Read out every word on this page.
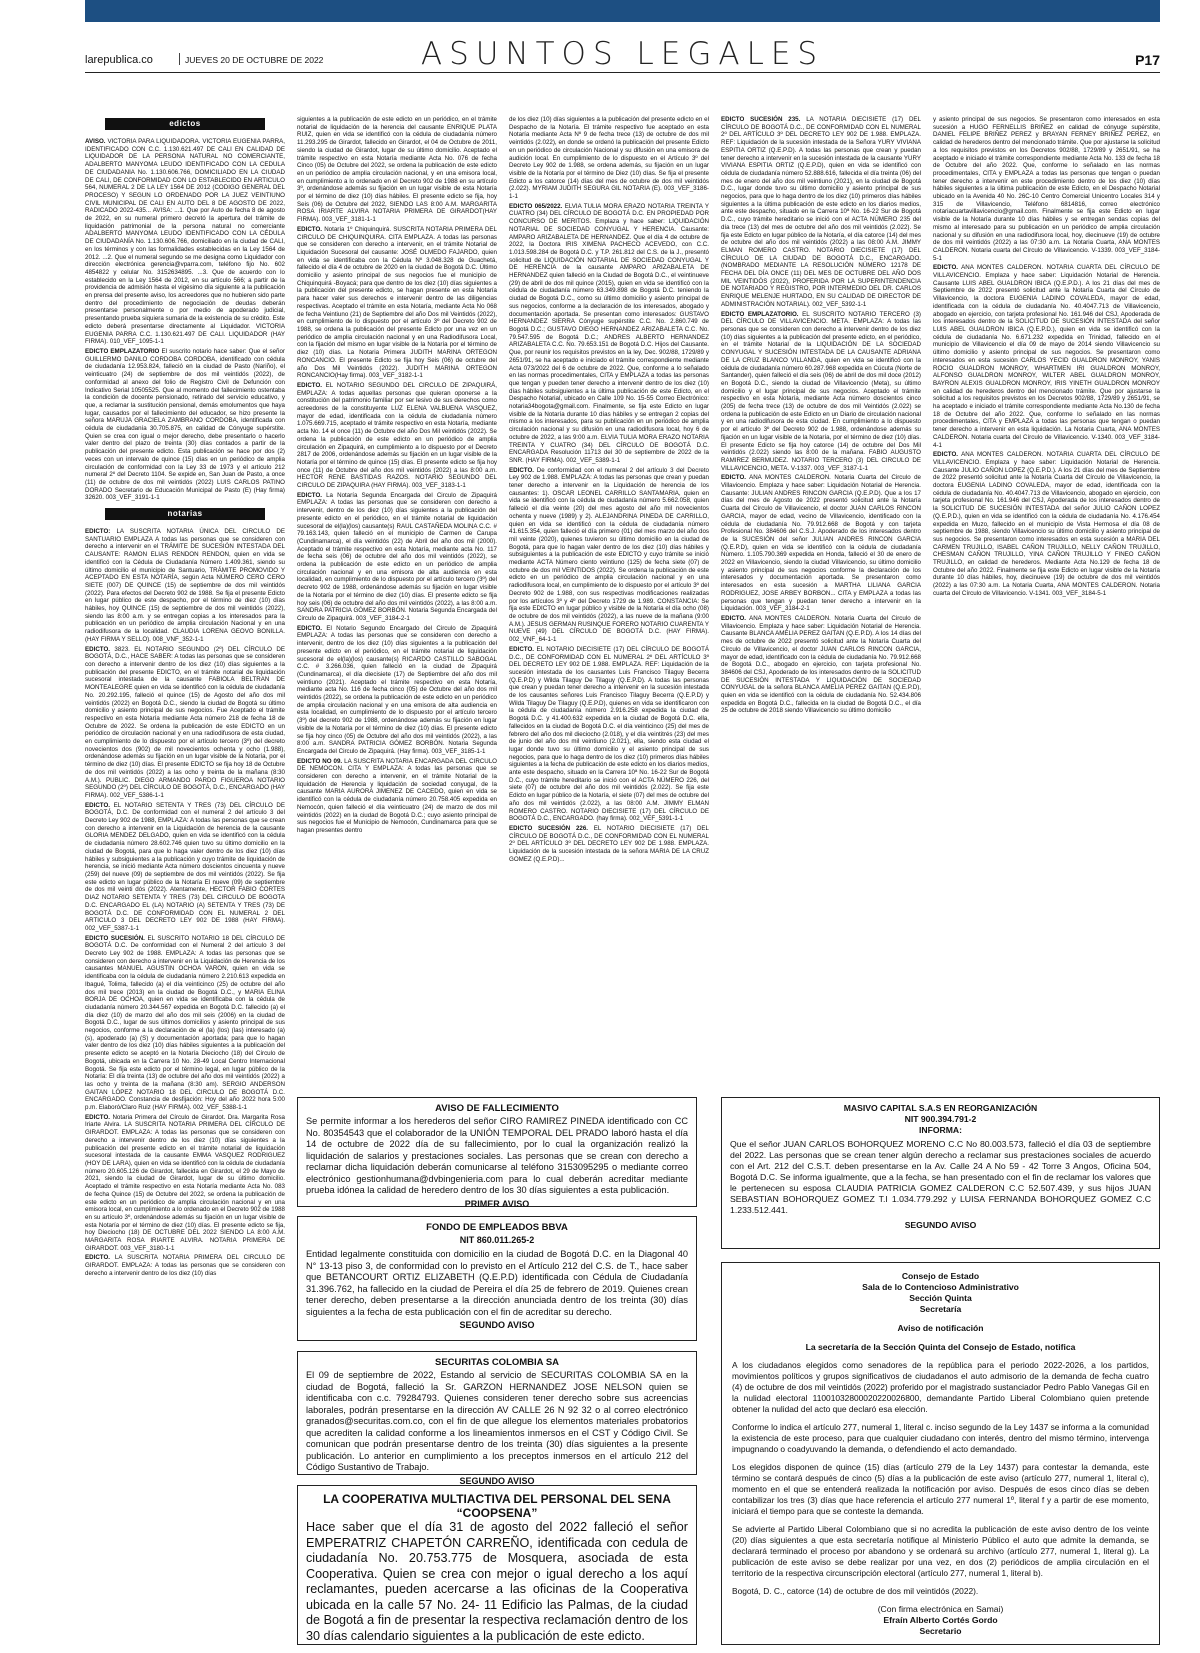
larepublica.co	JUEVES 20 DE OCTUBRE DE 2022	ASUNTOS LEGALES	P17
edictos

AVISO. VICTORIA PARA LIQUIDADORA. VICTORIA EUGENIA PARRA, IDENTIFICADO CON C.C. 1.130.621.497 DE CALI EN CALIDAD DE LIQUIDADOR DE LA PERSONA NATURAL NO COMERCIANTE, ADALBERTO MANYOMA LEUDO IDENTIFICADO CON LA CEDULA DE CIUDADANIA No. 1.130.606.766, DOMICILIADO EN LA CIUDAD DE CALI, DE CONFORMIDAD CON LO ESTABLECIDO EN ARTICULO 564, NUMERAL 2 DE LA LEY 1564 DE 2012 (CODIGO GENERAL DEL PROCESO) Y SEGUN LO ORDENADO POR LA JUEZ VEINTIUNO CIVIL MUNICIPAL DE CALI EN AUTO DEL 8 DE AGOSTO DE 2022, RADICADO 2022-435... AVISA: ...1. Que por Auto de fecha 8 de agosto de 2022, en su numeral primero decretó la apertura del trámite de liquidación patrimonial de la persona natural no comerciante ADALBERTO MANYOMA LEUDO IDENTIFICADO CON LA CÉDULA DE CIUDADANÍA No. 1.130.606.766, domiciliado en la ciudad de CALI, en los términos y con las formalidades establecidas en la Ley 1564 de 2012. ...2. Que el numeral segundo se me designa como Liquidador con dirección electrónica gerencia@vparra.com, teléfono fijo No. 602 4854822 y celular No. 3152634895. ...3. Que de acuerdo con lo establecido en la Ley 1564 de 2012, en su artículo 566; a partir de la providencia de admisión hasta el vigésimo día siguiente a la publicación en prensa del presente aviso, los acreedores que no hubieren sido parte dentro del procedimiento de negociación de deudas deberán presentarse personalmente o por medio de apoderado judicial, presentando prueba siquiera sumaria de la existencia de su crédito. Este edicto deberá presentarse directamente al Liquidador. VICTORIA EUGENIA PARRA C.C. 1.130.621.497 DE CALI. LIQUIDADOR (HAY FIRMA). 010_VEF_1095-1-1

EDICTO EMPLAZATORIO El suscrito notario hace saber: Que el señor GUILLERMO DANILO CORDOBA CORDOBA, identificado con cédula de ciudadanía 12.953.824, falleció en la ciudad de Pasto (Nariño), el veinticuatro (24) de septiembre de dos mil veintidós (2022), de conformidad al anexo del folio de Registro Civil de Defunción con Indicativo Serial 10505525. Que al momento del fallecimiento ostentaba la condición de docente pensionado, retirado del servicio educativo, y que, a reclamar la sustitución pensional, demás emolumentos que haya lugar, causados por el fallecimiento del educador, se hizo presente la señora MARUJA GRACIELA ZAMBRANO CORDOBA, identificada con cédula de ciudadanía 30.705.875, en calidad de Cónyuge supérstite. Quien se crea con igual o mejor derecho, debe presentarlo o hacerlo valer dentro del plazo de treinta (30) días contados a partir de la publicación del presente edicto. Esta publicación se hace por dos (2) veces con un intervalo de quince (15) días en un periódico de amplia circulación de conformidad con la Ley 33 de 1973 y el artículo 212 numeral 2º del Decreto 1104. Se expide en, San Juan de Pasto, a once (11) de octubre de dos mil veintidós (2022) LUIS CARLOS PATINO DORADO Secretario de Educación Municipal de Pasto (E) (Hay firma) 32620. 003_VEF_3191-1-1

notarias

EDICTO: LA SUSCRITA NOTARIA ÚNICA DEL CIRCULO DE SANTUARIO EMPLAZA A todas las personas que se consideren con derecho a intervenir en el TRÁMITE DE SUCESIÓN INTESTADA DEL CAUSANTE: RAMON ELIAS RENDON RENDON, quien en vida se identificó con la Cédula de Ciudadanía Número 1.409.361, siendo su último domicilio el municipio de Santuario, TRÁMITE PROMOVIDO Y ACEPTADO EN ESTA NOTARÍA, según Acta NÚMERO CERO CERO SIETE (007) DE QUINCE (15) de septiembre de dos mil veintidós (2022). Para efectos del Decreto 902 de 1988. Se fija el presente Edicto en lugar público de este despacho, por el término de diez (10) días hábiles, hoy QUINCE (15) de septiembre de dos mil veintidós (2022), siendo las 8:00 a.m. y se entregan copias a los interesados para la publicación en un periódico de amplia circulación Nacional y en una radiodifusora de la localidad. CLAUDIA LORENA GEOVO BONILLA. (HAY FIRMA Y SELLO). 008_VNF_352-1-1

EDICTO. 3823. EL NOTARIO SEGUNDO (2º) DEL CÍRCULO DE BOGOTÁ, D.C., HACE SABER: A todas las personas que se consideren con derecho a intervenir dentro de los diez (10) días siguientes a la publicación del presente EDICTO, en el trámite notarial de liquidación sucesoral intestada de la causante FABIOLA BELTRAN DE MONTEALEGRE quien en vida se identificó con la cédula de ciudadanía No. 20.292.195, falleció el quince (15) de Agosto del año dos mil veintidós (2022) en Bogotá D.C., siendo la ciudad de Bogotá su último domicilio y asiento principal de sus negocios. Fue Aceptado el trámite respectivo en esta Notaría mediante Acta número 218 de fecha 18 de Octubre de 2022. Se ordena la publicación de este EDICTO en un periódico de circulación nacional y en una radiodifusora de esta ciudad, en cumplimiento de lo dispuesto por el artículo tercero (3º) del decreto novecientos dos (902) de mil novecientos ochenta y ocho (1.988), ordenándose además su fijación en un lugar visible de la Notaría, por el término de diez (10) días. El presente EDICTO se fija hoy 18 de Octubre de dos mil veintidós (2022) a las ocho y treinta de la mañana (8:30 A.M.). PUBLIC. DIEGO ARMANDO PARDO FIGUEROA NOTARIO SEGUNDO (2º) DEL CÍRCULO DE BOGOTÁ, D.C., ENCARGADO (HAY FIRMA). 002_VEF_5386-1-1

EDICTO. EL NOTARIO SETENTA Y TRES (73) DEL CÍRCULO DE BOGOTÁ, D.C. De conformidad con el numeral 2 del artículo 3 del Decreto Ley 902 de 1988, EMPLAZA: A todas las personas que se crean con derecho a intervenir en la Liquidación de herencia de la causante GLORIA MENDEZ DELGADO, quien en vida se identificó con la cédula de ciudadanía número 28.602.746 quien tuvo su último domicilio en la ciudad de Bogotá, para que lo haga valer dentro de los diez (10) días hábiles y subsiguientes a la publicación y cuyo trámite de liquidación de herencia, se inició mediante Acta número doscientos cincuenta y nueve (259) del nueve (09) de septiembre de dos mil veintidós (2022). Se fija este edicto en lugar público de la Notaría El nueve (09) de septiembre de dos mil veinti dós (2022). Atentamente, HECTOR FABIO CORTES DIAZ NOTARIO SETENTA Y TRES (73) DEL CIRCULO DE BOGOTA D.C. ENCARGADO EL (LA) NOTARIO (A) SETENTA Y TRES (73) DE BOGOTÁ D.C. DE CONFORMIDAD CON EL NUMERAL 2 DEL ARTICULO 3 DEL DECRETO LEY 902 DE 1988 (HAY FIRMA). 002_VEF_5387-1-1

EDICTO SUCESIÓN. EL SUSCRITO NOTARIO 18 DEL CÍRCULO DE BOGOTÁ D.C. De conformidad con el Numeral 2 del artículo 3 del Decreto Ley 902 de 1988. EMPLAZA: A todas las personas que se consideren con derecho a intervenir en la Liquidación de Herencia de los causantes MANUEL AGUSTIN OCHOA VARON, quien en vida se identificaba con la cédula de ciudadanía número 2.210.613 expedida en Ibagué, Tolima, fallecido (a) el día veinticinco (25) de octubre del año dos mil trece (2013) en la ciudad de Bogotá D.C., y MARIA ELINA BORJA DE OCHOA, quien en vida se identificaba con la cédula de ciudadanía número 20.344.567 expedida en Bogotá D.C. fallecido (a) el día diez (10) de marzo del año dos mil seis (2006) en la ciudad de Bogotá D.C., lugar de sus últimos domicilios y asiento principal de sus negocios, conforme a la declaración de el (la) (los) (las) interesado (a) (s), apoderado (a) (S) y documentación aportada; para que lo hagan valer dentro de los diez (10) días hábiles siguientes a la publicación del presente edicto se aceptó en la Notaría Dieciocho (18) del Círculo de Bogotá, ubicada en la Carrera 10 No. 28-49 Local Centro Internacional Bogotá. Se fija este edicto por el término legal, en lugar público de la Notaría: El día treinta (13) de octubre del año dos mil veintidós (2022) a las ocho y treinta de la mañana (8:30 am). SERGIO ANDERSON GAITAN LÓPEZ NOTARIO 18 DEL CIRCULO DE BOGOTÁ D.C. ENCARGADO. Constancia de desfijación: Hoy del año 2022 hora 5:00 p.m. Elaboró/Claro Ruiz (HAY FIRMA). 002_VEF_5388-1-1

EDICTO. Notaria Primera del Círculo de Girardot. Dra. Margarita Rosa Iriarte Alvira. LA SUSCRITA NOTARIA PRIMERA DEL CÍRCULO DE GIRARDOT. EMPLAZA: A todas las personas que se consideren con derecho a intervenir dentro de los diez (10) días siguientes a la publicación del presente edicto en el trámite notarial de liquidación sucesoral intestada de la causante EMMA VASQUEZ RODRIGUEZ (HOY DE LARA), quien en vida se identificó con la cédula de ciudadanía número 20.605.126 de Girardot, fallecida en Girardot, el 29 de Mayo de 2021, siendo la ciudad de Girardot, lugar de su último domicilio. Aceptado el trámite respectivo en esta Notaría mediante Acta No. 083 de fecha Quince (15) de Octubre del 2022, se ordena la publicación de este edicto en un periódico de amplia circulación nacional y en una emisora local, en cumplimiento a lo ordenado en el Decreto 902 de 1988 en su artículo 3º, ordenándose además su fijación en un lugar visible de esta Notaría por el término de diez (10) días. El presente edicto se fija, hoy Dieciocho (18) DE OCTUBRE DEL 2022 SIENDO LA 8:00 A.M. MARGARITA ROSA IRIARTE ALVIRA. NOTARIA PRIMERA DE GIRARDOT. 003_VEF_3180-1-1

EDICTO. LA SUSCRITA NOTARIA PRIMERA DEL CIRCULO DE GIRARDOT. EMPLAZA: A todas las personas que se consideren con derecho a intervenir dentro de los diez (10) días

siguientes a la publicación de este edicto en un periódico, en el trámite notarial de liquidación de la herencia del causante ENRIQUE PLATA RUIZ, quien en vida se identificó con la cédula de ciudadanía número 11.293.295 de Girardot, fallecido en Girardot, el 04 de Octubre de 2011, siendo la ciudad de Girardot, lugar de su último domicilio. Aceptado el trámite respectivo en esta Notaría mediante Acta No. 076 de fecha Cinco (05) de Octubre del 2022, se ordena la publicación de este edicto en un periódico de amplia circulación nacional, y en una emisora local, en cumplimiento a lo ordenado en el Decreto 902 de 1988 en su artículo 3º, ordenándose además su fijación en un lugar visible de esta Notaría por el término de diez (10) días hábiles. El presente edicto se fija, hoy Seis (06) de Octubre del 2022, SIENDO LAS 8:00 A.M. MARGARITA ROSA IRIARTE ALVIRA NOTARIA PRIMERA DE GIRARDOT(HAY FIRMA). 003_VEF_3181-1-1

EDICTO. Notaría 1º Chiquinquirá. SUSCRITA NOTARIA PRIMERA DEL CIRCULO DE CHIQUINQUIRA. CITA EMPLAZA. A todas las personas que se consideren con derecho a intervenir, en el trámite Notarial de Liquidación Sucesoral del causante: JOSÉ OLMEDO FAJARDO, quien en vida se identificaba con la Cédula Nº 3.048.328 de Guachetá, fallecido el día 4 de octubre de 2020 en la ciudad de Bogotá D.C. Último domicilio y asiento principal de sus negocios fue el municipio de Chiquinquirá -Boyacá; para que dentro de los diez (10) días siguientes a la publicación del presente edicto, se hagan presente en esta Notaría para hacer valer sus derechos e intervenir dentro de las diligencias respectivas. Aceptado el trámite en esta Notaría, mediante Acta No 068 de fecha Veintiuno (21) de Septiembre del año Dos mil Veintidós (2022), en cumplimiento de lo dispuesto por el artículo 3º del Decreto 902 de 1988, se ordena la publicación del presente Edicto por una vez en un periódico de amplia circulación nacional y en una Radiodifusora Local, con la fijación del mismo en lugar visible de la Notaría por el término de diez (10) días. La Notaria Primera JUDITH MARINA ORTEGON RONCANCIO. El presente Edicto se fija hoy Seis (06) de octubre del año Dos Mil Veintidós (2022). JUDITH MARINA ORTEGON RONCANCIO(Hay firma). 003_VEF_3182-1-1

EDICTO. EL NOTARIO SEGUNDO DEL CIRCULO DE ZIPAQUIRÁ, EMPLAZA: A todas aquellas personas que quieran oponerse a la constitución del patrimonio familiar por ser lesivo de sus derechos como acreedores de la constituyente LUZ ELENA VALBUENA VASQUEZ, mayor de edad, identificada con la cédula de ciudadanía número 1.075.669.715, aceptado el trámite respectivo en esta Notaría, mediante acta No. 14 el once (11) de Octubre del año Dos Mil veintidós (2022). Se ordena la publicación de este edicto en un periódico de amplia circulación en Zipaquirá, en cumplimiento a lo dispuesto por el Decreto 2817 de 2006, ordenándose además su fijación en un lugar visible de la Notaría por el término de quince (15) días. El presente edicto se fija hoy once (11) de Octubre del año dos mil veintidós (2022) a las 8:00 a.m. HECTOR RENE BASTIDAS RAZOS. NOTARIO SEGUNDO DEL CIRCULO DE ZIPAQUIRA (HAY FIRMA). 003_VEF_3183-1-1

EDICTO. La Notaría Segunda Encargada del Circulo de Zipaquirá EMPLAZA: A todas las personas que se consideren con derecho a intervenir, dentro de los diez (10) días siguientes a la publicación del presente edicto en el periódico, en el trámite notarial de liquidación sucesoral de el(la)(los) causante(s) RAUL CASTAÑEDA MOLINA C.C. # 79.163.143, quien falleció en el municipio de Carmen de Carupa (Cundinamarca), el día veintidós (22) de Abril del año dos mil (2000). Aceptado el trámite respectivo en esta Notaría, mediante acta No. 117 de fecha seis (06) de octubre del año dos mil veintidós (2022), se ordena la publicación de este edicto en un periódico de amplia circulación nacional y en una emisora de alta audiencia en esta localidad, en cumplimiento de lo dispuesto por el artículo tercero (3º) del decreto 902 de 1988, ordenándose además su fijación en lugar visible de la Notaría por el término de diez (10) días. El presente edicto se fija hoy seis (06) de octubre del año dos mil veintidós (2022), a las 8:00 a.m. SANDRA PATRICIA GÓMEZ BORBÓN. Notaria Segunda Encargada del Circulo de Zipaquirá. 003_VEF_3184-2-1

EDICTO. El Notario Segundo Encargado del Circulo de Zipaquirá EMPLAZA: A todas las personas que se consideren con derecho a intervenir, dentro de los diez (10) días siguientes a la publicación del presente edicto en el periódico, en el trámite notarial de liquidación sucesoral de el(la)(los) causante(s) RICARDO CASTILLO SABOGAL C.C. # 3.266.036, quien falleció en la ciudad de Zipaquirá (Cundinamarca), el día diecisiete (17) de Septiembre del año dos mil veintiuno (2021). Aceptado el trámite respectivo en esta Notaría, mediante acta No. 116 de fecha cinco (05) de Octubre del año dos mil veintidós (2022), se ordena la publicación de este edicto en un periódico de amplia circulación nacional y en una emisora de alta audiencia en esta localidad, en cumplimiento de lo dispuesto por el artículo tercero (3º) del decreto 902 de 1988, ordenándose además su fijación en lugar visible de la Notaría por el término de diez (10) días. El presente edicto se fija hoy cinco (05) de Octubre del año dos mil veintidós (2022), a las 8:00 a.m. SANDRA PATRICIA GÓMEZ BORBÓN. Notaria Segunda Encargada del Circulo de Zipaquirá. (Hay firma). 003_VEF_3185-1-1

EDICTO NO 09. LA SUSCRITA NOTARIA ENCARGADA DEL CIRCULO DE NEMOCON. CITA Y EMPLAZA: A todas las personas que se consideren con derecho a intervenir, en el trámite Notarial de la liquidación de Herencia y liquidación de sociedad conyugal, de la causante MARIA AURORA JIMENEZ DE CACEDO, quien en vida se identificó con la cédula de ciudadanía número 20.758.405 expedida en Nemocón, quien falleció el día veinticuatro (24) de marzo de dos mil veintidós (2022) en la ciudad de Bogotá D.C.; cuyo asiento principal de sus negocios fue el Municipio de Nemocón, Cundinamarca para que se hagan presentes dentro

de los diez (10) días siguientes a la publicación del presente edicto en el Despacho de la Notaría. El trámite respectivo fue aceptado en esta Notaría mediante Acta Nº 9 de fecha trece (13) de octubre de dos mil veintidós (2.022), en donde se ordenó la publicación del presente Edicto en un periódico de circulación Nacional y su difusión en una emisora de audición local. En cumplimiento de lo dispuesto en el Artículo 3º del Decreto Ley 902 de 1.988, se ordena además, su fijación en un lugar visible de la Notaría por el término de Diez (10) días. Se fija el presente Edicto a los catorce (14) días del mes de octubre de dos mil veintidós (2.022). MYRIAM JUDITH SEGURA GIL NOTARIA (E). 003_VEF_3186-1-1

EDICTO 065/2022. ELVIA TULIA MORA ERAZO NOTARIA TREINTA Y CUATRO (34) DEL CÍRCULO DE BOGOTÁ D.C. EN PROPIEDAD POR CONCURSO DE MERITOS. Emplaza y hace saber: LIQUIDACIÓN NOTARIAL DE SOCIEDAD CONYUGAL Y HERENCIA. Causante: AMPARO ARIZABALETA DE HERNANDEZ. Que el día 4 de octubre de 2022, la Doctora IRIS XIMENA PACHECO ACEVEDO, con C.C. 1.013.598.284 de Bogotá D.C. y T.P. 261.812 del C.S. de la J., presentó solicitud de LIQUIDACIÓN NOTARIAL DE SOCIEDAD CONYUGAL Y DE HERENCIA de la causante AMPARO ARIZABALETA DE HERNANDEZ quien falleció en la Ciudad de Bogotá D.C., el veintinueve (29) de abril de dos mil quince (2015), quien en vida se identificó con la cédula de ciudadanía número 63.349.898 de Bogotá D.C. teniendo la ciudad de Bogotá D.C., como su último domicilio y asiento principal de sus negocios, conforme a la declaración de los interesados, abogado y documentación aportada. Se presentan como interesados: GUSTAVO HERNANDEZ SIERRA Cónyuge supérstite C.C. No. 2.860.749 de Bogotá D.C.; GUSTAVO DIEGO HERNANDEZ ARIZABALETA C.C. No. 79.547.595 de Bogotá D.C.; ANDRES ALBERTO HERNANDEZ ARIZABALETA C.C. No. 79.653.151 de Bogotá D.C. Hijos del Causante. Que, por reunir los requisitos previstos en la ley, Dec. 902/88, 1729/89 y 2651/91, se ha aceptado e iniciado el trámite correspondiente mediante Acta 073/2022 del 6 de octubre de 2022. Que, conforme a lo señalado en las normas procedimentales, CITA y EMPLAZA a todas las personas que tengan y pueden tener derecho a intervenir dentro de los diez (10) días hábiles subsiguientes a la última publicación de este Edicto, en el Despacho Notarial, ubicado en Calle 109 No. 15-55 Correo Electrónico: notaria34bogota@gmail.com. Finalmente, se fija este Edicto en lugar visible de la Notaría durante 10 días hábiles y se entregan 2 copias del mismo a los interesados, para su publicación en un periódico de amplia circulación nacional y su difusión en una radiodifusora local, hoy 6 de octubre de 2022, a las 9:00 a.m. ELVIA TULIA MORA ERAZO NOTARIA TREINTA Y CUATRO (34) DEL CÍRCULO DE BOGOTÁ D.C. ENCARGADA Resolución 11713 del 30 de septiembre de 2022 de la SNR. (HAY FIRMA). 002_VEF_5389-1-1

EDICTO. De conformidad con el numeral 2 del artículo 3 del Decreto Ley 902 de 1.988. EMPLAZA: A todas las personas que crean y puedan tener derecho a intervenir en la Liquidación de herencia de los causantes: 1). OSCAR LEONEL CARRILLO SANTAMARIA, quien en vida se identificó con la cédula de ciudadanía número 5.662.058, quien falleció el día veinte (20) del mes agosto del año mil novecientos ochenta y nueve (1989) y 2). ALEJANDRINA PINEDA DE CARRILLO, quien en vida se identificó con la cédula de ciudadanía número 41.615.354, quien falleció el día primero (01) del mes marzo del año dos mil veinte (2020), quienes tuvieron su último domicilio en la ciudad de Bogotá, para que lo hagan valer dentro de los diez (10) días hábiles y subsiguientes a la publicación de este EDICTO y cuyo trámite se inició mediante ACTA Número ciento veintiuno (125) de fecha siete (07) de octubre de dos mil VEINTIDOS (2022). Se ordena la publicación de este edicto en un periódico de amplia circulación nacional y en una radiodifusora local, en cumplimiento de lo dispuesto por el artículo 3º del Decreto 902 de 1.988, con sus respectivas modificaciones realizadas por los artículos 3º y 4º del Decreto 1729 de 1.989. CONSTANCIA: Se fija este EDICTO en lugar público y visible de la Notaría el día ocho (08) de octubre de dos mil veintidós (2022), a las nueve de la mañana (9:00 A.M.). JESUS GERMAN RUSINQUE FORERO NOTARIO CUARENTA Y NUEVE (49) DEL CÍRCULO DE BOGOTÁ D.C. (HAY FIRMA). 002_VNF_64-1-1

EDICTO. EL NOTARIO DIECISIETE (17) DEL CÍRCULO DE BOGOTÁ D.C., DE CONFORMIDAD CON EL NUMERAL 2º DEL ARTÍCULO 3º DEL DECRETO LEY 902 DE 1.988. EMPLAZA. REF: Liquidación de la sucesión intestada de los causantes Luis Francisco Tilaguy Becerra (Q.E.P.D) y Wilda Tilaguy De Tilaguy (Q.E.P.D). A todas las personas que crean y puedan tener derecho a intervenir en la sucesión intestada de los causantes señores Luis Francisco Tilaguy Becerra (Q.E.P.D) y Wilda Tilaguy De Tilaguy (Q.E.P.D), quienes en vida se identificaron con la cédula de ciudadanía número 2.916.258 expedida la ciudad de Bogotá D.C. y 41.400.632 expedida en la ciudad de Bogotá D.C. ella, fallecidos en la ciudad de Bogotá D.C. el día veinticinco (25) del mes de febrero del año dos mil dieciocho (2.018), y el día veintitrés (23) del mes de junio del año dos mil veintiuno (2.021), ella, siendo esta ciudad el lugar donde tuvo su último domicilio y el asiento principal de sus negocios, para que lo haga dentro de los diez (10) primeros días hábiles siguientes a la fecha de publicación de este edicto en los diarios medios, ante este despacho, situado en la Carrera 10ª No. 16-22 Sur de Bogotá D.C., cuyo trámite hereditario se inició con el ACTA NÚMERO 226, del siete (07) de octubre del año dos mil veintidós (2.022). Se fija este Edicto en lugar público de la Notaría, el siete (07) del mes de octubre del año dos mil veintidós (2.022), a las 08:00 A.M. JIMMY ELMAN ROMERO CASTRO. NOTARIO DIECISIETE (17) DEL CÍRCULO DE BOGOTÁ D.C., ENCARGADO. (hay firma). 002_VEF_5391-1-1

EDICTO SUCESIÓN 226. EL NOTARIO DIECISIETE (17) DEL CÍRCULO DE BOGOTÁ D.C., DE CONFORMIDAD CON EL NUMERAL 2º DEL ARTÍCULO 3º DEL DECRETO LEY 902 DE 1.988. EMPLAZA. Liquidación de la sucesión intestada de la señora MARIA DE LA CRUZ GOMEZ (Q.E.P.D)...

EDICTO SUCESIÓN 235. LA NOTARIA DIECISIETE (17) DEL CÍRCULO DE BOGOTÁ D.C., DE CONFORMIDAD CON EL NUMERAL 2º DEL ARTÍCULO 3º DEL DECRETO LEY 902 DE 1.988. EMPLAZA. REF: Liquidación de la sucesión intestada de la Señora YURY VIVIANA ESPITIA ORTIZ (Q.E.P.D). A todas las personas que crean y puedan tener derecho a intervenir en la sucesión intestada de la causante YURY VIVIANA ESPITIA ORTIZ (Q.E.P.D), quien en vida se identificó con cédula de ciudadanía número 52.888.616, fallecida el día treinta (06) del mes de enero del año dos mil veintiuno (2021), en la ciudad de Bogotá D.C., lugar donde tuvo su último domicilio y asiento principal de sus negocios, para que lo haga dentro de los diez (10) primeros días hábiles siguientes a la última publicación de este edicto en los diarios medios, ante este despacho, situado en la Carrera 10ª No. 16-22 Sur de Bogotá D.C., cuyo trámite hereditario se inició con el ACTA NÚMERO 235 del día trece (13) del mes de octubre del año dos mil veintidós (2.022). Se fija este Edicto en lugar público de la Notaría, el día catorce (14) del mes de octubre del año dos mil veintidós (2022) a las 08:00 A.M. JIMMY ELMAN ROMERO CASTRO. NOTARIO DIECISIETE (17) DEL CÍRCULO DE LA CIUDAD DE BOGOTÁ D.C., ENCARGADO. (NOMBRADO MEDIANTE LA RESOLUCIÓN NÚMERO 12178 DE FECHA DEL DÍA ONCE (11) DEL MES DE OCTUBRE DEL AÑO DOS MIL VEINTIDÓS (2022), PROFERIDA POR LA SUPERINTENDENCIA DE NOTARIADO Y REGISTRO, POR INTERMEDIO DEL DR. CARLOS ENRIQUE MELENJE HURTADO, EN SU CALIDAD DE DIRECTOR DE ADMINISTRACIÓN NOTARIAL). 002_VEF_5392-1-1

EDICTO EMPLAZATORIO. EL SUSCRITO NOTARIO TERCERO (3) DEL CÍRCULO DE VILLAVICENCIO. META. EMPLAZA: A todas las personas que se consideren con derecho a intervenir dentro de los diez (10) días siguientes a la publicación del presente edicto, en el periódico, en el trámite Notarial de la LIQUIDACIÓN DE LA SOCIEDAD CONYUGAL Y SUCESIÓN INTESTADA DE LA CAUSANTE ADRIANA DE LA CRUZ BLANCO VILLANDA, quien en vida se identificó con la cédula de ciudadanía número 60.287.968 expedida en Cúcuta (Norte de Santander), quien falleció el día seis (06) de abril de dos mil doce (2012) en Bogotá D.C., siendo la ciudad de Villavicencio (Meta), su último domicilio y el lugar principal de sus negocios. Aceptado el trámite respectivo en esta Notaría, mediante Acta número doscientos cinco (205) de fecha trece (13) de octubre de dos mil Veintidós (2.022) se ordena la publicación de este Edicto en un Diario de circulación nacional y en una radiodifusora de esta ciudad. En cumplimiento a lo dispuesto por el artículo 3º del Decreto 902 de 1.988, ordenándose además su fijación en un lugar visible de la Notaría, por el término de diez (10) días. El presente Edicto se fija hoy catorce (14) de octubre del Dos Mil veintidós (2.022) siendo las 8:00 de la mañana. FABIO AUGUSTO RAMIREZ BERMUDEZ. NOTARIO TERCERO (3) DEL CIRCULO DE VILLAVICENCIO, META. V-1337. 003_VEF_3187-1-1

EDICTO. ANA MONTES CALDERON. Notaria Cuarta del Circulo de Villavicencio. Emplaza y hace saber: Liquidación Notarial de Herencia. Causante: JULIAN ANDRES RINCON GARCIA (Q.E.P.D). Que a los 17 días del mes de Agosto de 2022 presentó solicitud ante la Notaría Cuarta del Círculo de Villavicencio, el doctor JUAN CARLOS RINCON GARCIA, mayor de edad, vecino de Villavicencio, identificado con la cédula de ciudadanía No. 79.912.668 de Bogotá y con tarjeta Profesional No. 384606 del C.S.J. Apoderado de los interesados dentro de la SUCESIÓN del señor JULIAN ANDRES RINCON GARCIA (Q.E.P.D), quien en vida se identificó con la cédula de ciudadanía Número. 1.105.790.369 expedida en Honda, falleció el 30 de enero de 2022 en Villavicencio, siendo la ciudad Villavicencio, su último domicilio y asiento principal de sus negocios conforme la declaración de los interesados y documentación aportada. Se presentaron como interesados en esta sucesión a MARTHA LILIANA GARCIA RODRIGUEZ, JOSE ARBEY BORBON... CITA y EMPLAZA a todas las personas que tengan y puedan tener derecho a intervenir en la Liquidación. 003_VEF_3184-2-1

EDICTO. ANA MONTES CALDERON. Notaria Cuarta del Circulo de Villavicencio. Emplaza y hace saber: Liquidación Notarial de Herencia. Causante BLANCA AMELIA PEREZ GAITAN (Q.E.P.D). A los 14 días del mes de octubre de 2022 presentó solicitud ante la Notaría Cuarta del Círculo de Villavicencio, el doctor JUAN CARLOS RINCON GARCIA, mayor de edad, identificado con la cédula de ciudadanía No. 79.912.668 de Bogotá D.C., abogado en ejercicio, con tarjeta profesional No. 384606 del CSJ, Apoderado de los interesados dentro de la SOLICITUD DE SUCESIÓN INTESTADA Y LIQUIDACIÓN DE SOCIEDAD CONYUGAL de la señora BLANCA AMELIA PEREZ GAITAN (Q.E.P.D), quien en vida se identificó con la cédula de ciudadanía No. 52.434.806 expedida en Bogotá D.C., fallecida en la ciudad de Bogotá D.C., el día 25 de octubre de 2018 siendo Villavicencio su último domicilio

y asiento principal de sus negocios. Se presentaron como interesados en esta sucesión a HUGO FERNELLIS BRIÑEZ en calidad de cónyuge supérstite, DANIEL FELIPE BRIÑEZ PEREZ y BRAYAN FERNEY BRIÑEZ PEREZ, en calidad de herederos dentro del mencionado trámite. Que por ajustarse la solicitud a los requisitos previstos en los Decretos 902/88, 1729/89 y 2651/91, se ha aceptado e iniciado el trámite correspondiente mediante Acta No. 133 de fecha 18 de Octubre del año 2022. Que, conforme lo señalado en las normas procedimentales, CITA y EMPLAZA a todas las personas que tengan o puedan tener derecho a intervenir en este procedimiento dentro de los diez (10) días hábiles siguientes a la última publicación de este Edicto, en el Despacho Notarial ubicado en la Avenida 40 No. 26C-10 Centro Comercial Unicentro Locales 314 y 315 de Villavicencio, Teléfono 6814816, correo electrónico notariacuartavillavicencio@gmail.com. Finalmente se fija este Edicto en lugar visible de la Notaría durante 10 días hábiles y se entregan sendas copias del mismo al interesado para su publicación en un periódico de amplia circulación nacional y su difusión en una radiodifusora local, hoy, diecinueve (19) de octubre de dos mil veintidós (2022) a las 07:30 a.m. La Notaria Cuarta, ANA MONTES CALDERON. Notaria cuarta del Círculo de Villavicencio. V-1339. 003_VEF_3184-5-1

EDICTO. ANA MONTES CALDERON. NOTARIA CUARTA DEL CÍRCULO DE VILLAVICENCIO. Emplaza y hace saber: Liquidación Notarial de Herencia. Causante LUIS ABEL GUALDRON IBICA (Q.E.P.D.). A los 21 días del mes de Septiembre de 2022 presentó solicitud ante la Notaría Cuarta del Círculo de Villavicencio, la doctora EUGENIA LADINO COVALEDA, mayor de edad, identificada con la cédula de ciudadanía No. 40.4047.713 de Villavicencio, abogado en ejercicio, con tarjeta profesional No. 161.946 del CSJ, Apoderada de los interesados dentro de la SOLICITUD DE SUCESIÓN INTESTADA del señor LUIS ABEL GUALDRON IBICA (Q.E.P.D.), quien en vida se identificó con la cédula de ciudadanía No. 6.671.232 expedida en Trinidad, fallecido en el municipio de Villavicencio el día 09 de mayo de 2014 siendo Villavicencio su último domicilio y asiento principal de sus negocios. Se presentaron como interesados en esta sucesión CARLOS YECID GUALDRON MONROY, YANIS ROCIO GUALDRON MONROY, WHARTMEN IRI GUALDRON MONROY, ALFONSO GUALDRON MONROY, WILTER ABEL GUALDRON MONROY, BAYRON ALEXIS GUALDRON MONROY, IRIS YINETH GUALDRON MONROY en calidad de herederos dentro del mencionado trámite. Que por ajustarse la solicitud a los requisitos previstos en los Decretos 902/88, 1729/89 y 2651/91, se ha aceptado e iniciado el trámite correspondiente mediante Acta No.130 de fecha 18 de Octubre del año 2022. Que, conforme lo señalado en las normas procedimentales, CITA y EMPLAZA a todas las personas que tengan o puedan tener derecho a intervenir en esta liquidación. La Notaria Cuarta, ANA MONTES CALDERON. Notaria cuarta del Círculo de Villavicencio. V-1340. 003_VEF_3184-4-1

EDICTO. ANA MONTES CALDERON. NOTARIA CUARTA DEL CÍRCULO DE VILLAVICENCIO. Emplaza y hace saber: Liquidación Notarial de Herencia. Causante JULIO CAÑON LOPEZ (Q.E.P.D.). A los 21 días del mes de Septiembre de 2022 presentó solicitud ante la Notaría Cuarta del Círculo de Villavicencio, la doctora EUGENIA LADINO COVALEDA, mayor de edad, identificada con la cédula de ciudadanía No. 40.4047.713 de Villavicencio, abogado en ejercicio, con tarjeta profesional No. 161.946 del CSJ, Apoderada de los interesados dentro de la SOLICITUD DE SUCESIÓN INTESTADA del señor JULIO CAÑON LOPEZ (Q.E.P.D.), quien en vida se identificó con la cédula de ciudadanía No. 4.176.454 expedida en Muzo, fallecido en el municipio de Vista Hermosa el día 08 de septiembre de 1988, siendo Villavicencio su último domicilio y asiento principal de sus negocios. Se presentaron como interesados en esta sucesión a MARIA DEL CARMEN TRUJILLO, ISABEL CAÑON TRUJILLO, NELLY CAÑON TRUJILLO, CHESMAN CAÑON TRUJILLO, YINA CAÑON TRUJILLO Y FINEO CAÑON TRUJILLO, en calidad de herederos. Mediante Acta No.129 de fecha 18 de Octubre del año 2022. Finalmente se fija este Edicto en lugar visible de la Notaría durante 10 días hábiles, hoy, diecinueve (19) de octubre de dos mil veintidós (2022) a las 07:30 a.m. La Notaria Cuarta, ANA MONTES CALDERON. Notaria cuarta del Círculo de Villavicencio. V-1341. 003_VEF_3184-5-1

AVISO DE FALLECIMIENTO
Se permite informar a los herederos del señor CIRO RAMIREZ PINEDA identificado con CC No. 80354543 que el colaborador de la UNIÓN TEMPORAL DEL PRADO laboró hasta el día 14 de octubre de 2022 día de su fallecimiento, por lo cual la organización realizó la liquidación de salarios y prestaciones sociales. Las personas que se crean con derecho a reclamar dicha liquidación deberán comunicarse al teléfono 3153095295 o mediante correo electrónico gestionhumana@dvbingenieria.com para lo cual deberán acreditar mediante prueba idónea la calidad de heredero dentro de los 30 días siguientes a esta publicación.
PRIMER AVISO
FONDO DE EMPLEADOS BBVA
NIT 860.011.265-2
Entidad legalmente constituida con domicilio en la ciudad de Bogotá D.C. en la Diagonal 40 N° 13-13 piso 3, de conformidad con lo previsto en el Artículo 212 del C.S. de T., hace saber que BETANCOURT ORTIZ ELIZABETH (Q.E.P.D) identificada con Cédula de Ciudadanía 31.396.762, ha fallecido en la ciudad de Pereira el día 25 de febrero de 2019. Quienes crean tener derecho, deben presentarse a la dirección anunciada dentro de los treinta (30) días siguientes a la fecha de esta publicación con el fin de acreditar su derecho.
SEGUNDO AVISO
SECURITAS COLOMBIA SA
El 09 de septiembre de 2022, Estando al servicio de SECURITAS COLOMBIA SA en la ciudad de Bogotá, falleció la Sr. GARZON HERNANDEZ JOSE NELSON quien se identificaba con c.c. 79284793. Quienes consideren tener derecho sobre sus acreencias laborales, podrán presentarse en la dirección AV CALLE 26 N 92 32 o al correo electrónico granados@securitas.com.co, con el fin de que allegue los elementos materiales probatorios que acrediten la calidad conforme a los lineamientos inmersos en el CST y Código Civil. Se comunican que podrán presentarse dentro de los treinta (30) días siguientes a la presente publicación. Lo anterior en cumplimiento a los preceptos inmersos en el artículo 212 del Código Sustantivo de Trabajo.
SEGUNDO AVISO
LA COOPERATIVA MULTIACTIVA DEL PERSONAL DEL SENA “COOPSENA”
Hace saber que el día 31 de agosto del 2022 falleció el señor EMPERATRIZ CHAPETÓN CARREÑO, identificada con cedula de ciudadanía No. 20.753.775 de Mosquera, asociada de esta Cooperativa. Quien se crea con mejor o igual derecho a los aquí reclamantes, pueden acercarse a las oficinas de la Cooperativa ubicada en la calle 57 No. 24- 11 Edificio las Palmas, de la ciudad de Bogotá a fin de presentar la respectiva reclamación dentro de los 30 días calendario siguientes a la publicación de este edicto.
MASIVO CAPITAL S.A.S EN REORGANIZACIÓN
NIT 900.394.791-2
INFORMA:
Que el señor JUAN CARLOS BOHORQUEZ MORENO C.C No 80.003.573, falleció el día 03 de septiembre del 2022. Las personas que se crean tener algún derecho a reclamar sus prestaciones sociales de acuerdo con el Art. 212 del C.S.T. deben presentarse en la Av. Calle 24 A No 59 - 42 Torre 3 Angos, Oficina 504, Bogotá D.C. Se informa igualmente, que a la fecha, se han presentado con el fin de reclamar los valores que le pertenecen su esposa CLAUDIA PATRICIA GOMEZ CALDERON C.C 52.507.439, y sus hijos JUAN SEBASTIAN BOHORQUEZ GOMEZ T.I 1.034.779.292 y LUISA FERNANDA BOHORQUEZ GOMEZ C.C 1.233.512.441.
SEGUNDO AVISO
Consejo de Estado
Sala de lo Contencioso Administrativo
Sección Quinta
Secretaría
Aviso de notificación
La secretaría de la Sección Quinta del Consejo de Estado, notifica

A los ciudadanos elegidos como senadores de la república para el periodo 2022-2026, a los partidos, movimientos políticos y grupos significativos de ciudadanos el auto admisorio de la demanda de fecha cuatro (4) de octubre de dos mil veintidós (2022) proferido por el magistrado sustanciador Pedro Pablo Vanegas Gil en la nulidad electoral 11001032800020220026800, demandante Partido Liberal Colombiano quien pretende obtener la nulidad del acto que declaró esa elección.

Conforme lo indica el artículo 277, numeral 1, literal c. inciso segundo de la Ley 1437 se informa a la comunidad la existencia de este proceso, para que cualquier ciudadano con interés, dentro del mismo término, intervenga impugnando o coadyuvando la demanda, o defendiendo el acto demandado.

Los elegidos disponen de quince (15) días (artículo 279 de la Ley 1437) para contestar la demanda, este término se contará después de cinco (5) días a la publicación de este aviso (artículo 277, numeral 1, literal c), momento en el que se entenderá realizada la notificación por aviso. Después de esos cinco días se deben contabilizar los tres (3) días que hace referencia el artículo 277 numeral 1º, literal f y a partir de ese momento, iniciará el tiempo para que se conteste la demanda.

Se advierte al Partido Liberal Colombiano que si no acredita la publicación de este aviso dentro de los veinte (20) días siguientes a que esta secretaría notifique al Ministerio Público el auto que admite la demanda, se declarará terminado el proceso por abandono y se ordenará su archivo (artículo 277, numeral 1, literal g). La publicación de este aviso se debe realizar por una vez, en dos (2) periódicos de amplia circulación en el territorio de la respectiva circunscripción electoral (artículo 277, numeral 1, literal b).

Bogotá, D. C., catorce (14) de octubre de dos mil veintidós (2022).

(Con firma electrónica en Samai)
Efraín Alberto Cortés Gordo
Secretario
